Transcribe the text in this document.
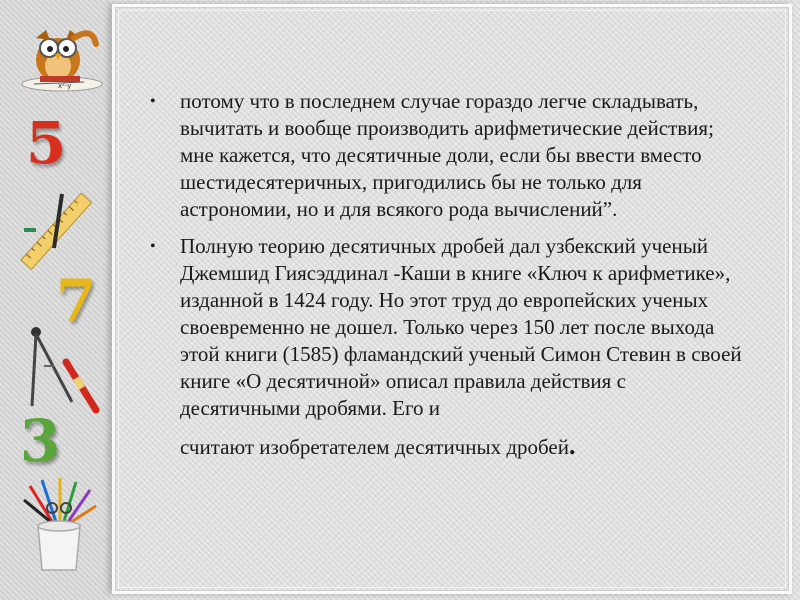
x²·y
5
7
3
• потому что в последнем случае гораздо легче складывать, вычитать и вообще производить арифметические действия; мне кажется, что десятичные доли, если бы ввести вместо шестидесятеричных, пригодились бы не только для астрономии, но и для всякого рода вычислений”.
• Полную теорию десятичных дробей дал узбекский ученый Джемшид Гиясэддинал -Каши в книге «Ключ к арифметике», изданной в 1424 году. Но этот труд до европейских ученых своевременно не дошел. Только через 150 лет после выхода этой книги (1585) фламандский ученый Симон Стевин в своей книге «О десятичной» описал правила действия с десятичными дробями. Его и
считают изобретателем десятичных дробей.
